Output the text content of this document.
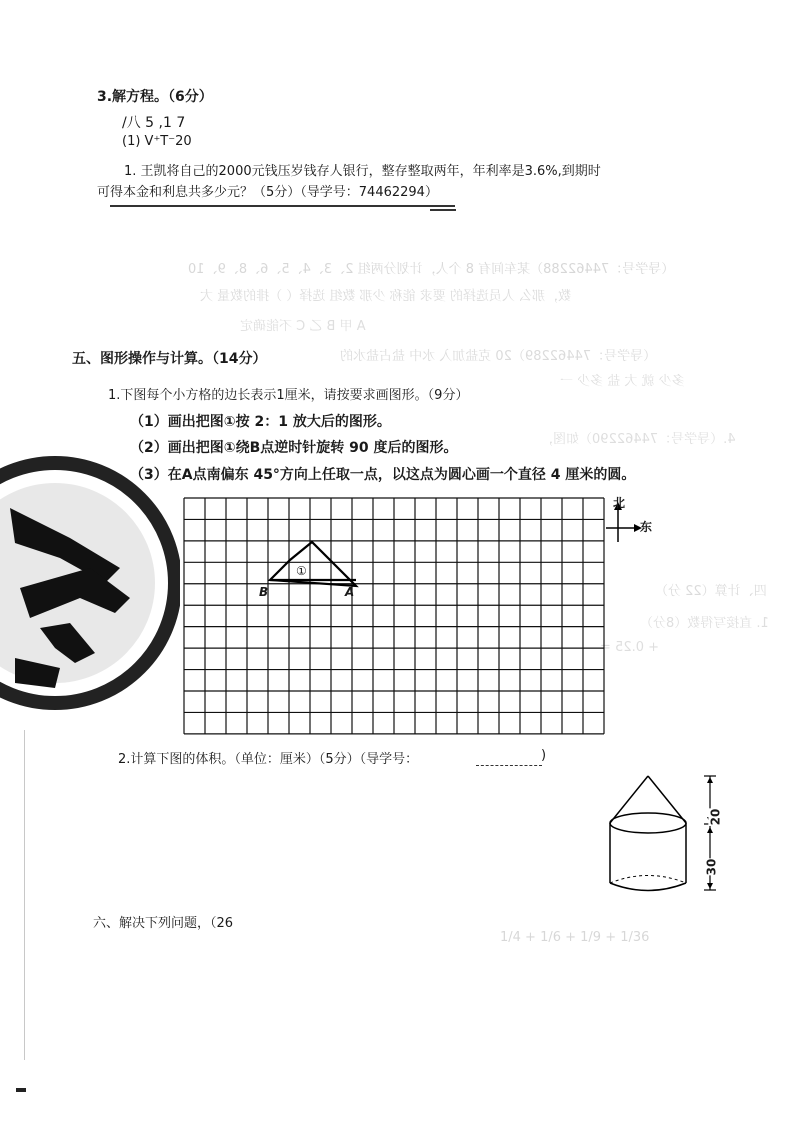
（导学号：74462288）某车间有 8 个人，计划分两组 2、3、4、5、6、8、9、10
数，那么 人员选择的 要求 能称 少那 数组 选择（ ）排的数量 大
A 甲 B 乙 C 不能确定
（导学号：74462289）20 克盐加入 水中 盐占盐水的
多少 就 大 盐 多少 一
4.（导学号：74462290）如图，
四、计算（22 分）
1. 直接写得数（8分）
+ 0.25 =
1/4 + 1/6 + 1/9 + 1/36
3.解方程。（6分）
/八 5 ,1 7
(1) V⁺T⁻20
1. 王凯将自己的2000元钱压岁钱存人银行，整存整取两年，年利率是3.6%,到期时
可得本金和利息共多少元？（5分）（导学号：74462294）
五、图形操作与计算。（14分）
1.下图每个小方格的边长表示1厘米，请按要求画图形。（9分）
（1）画出把图①按 2：1 放大后的图形。
（2）画出把图①绕B点逆时针旋转 90 度后的图形。
（3）在A点南偏东 45°方向上任取一点，以这点为圆心画一个直径 4 厘米的圆。
①
B	A
北
东
2.计算下图的体积。（单位：厘米）（5分）（导学号：	)
20
30
六、解决下列问题，（26
